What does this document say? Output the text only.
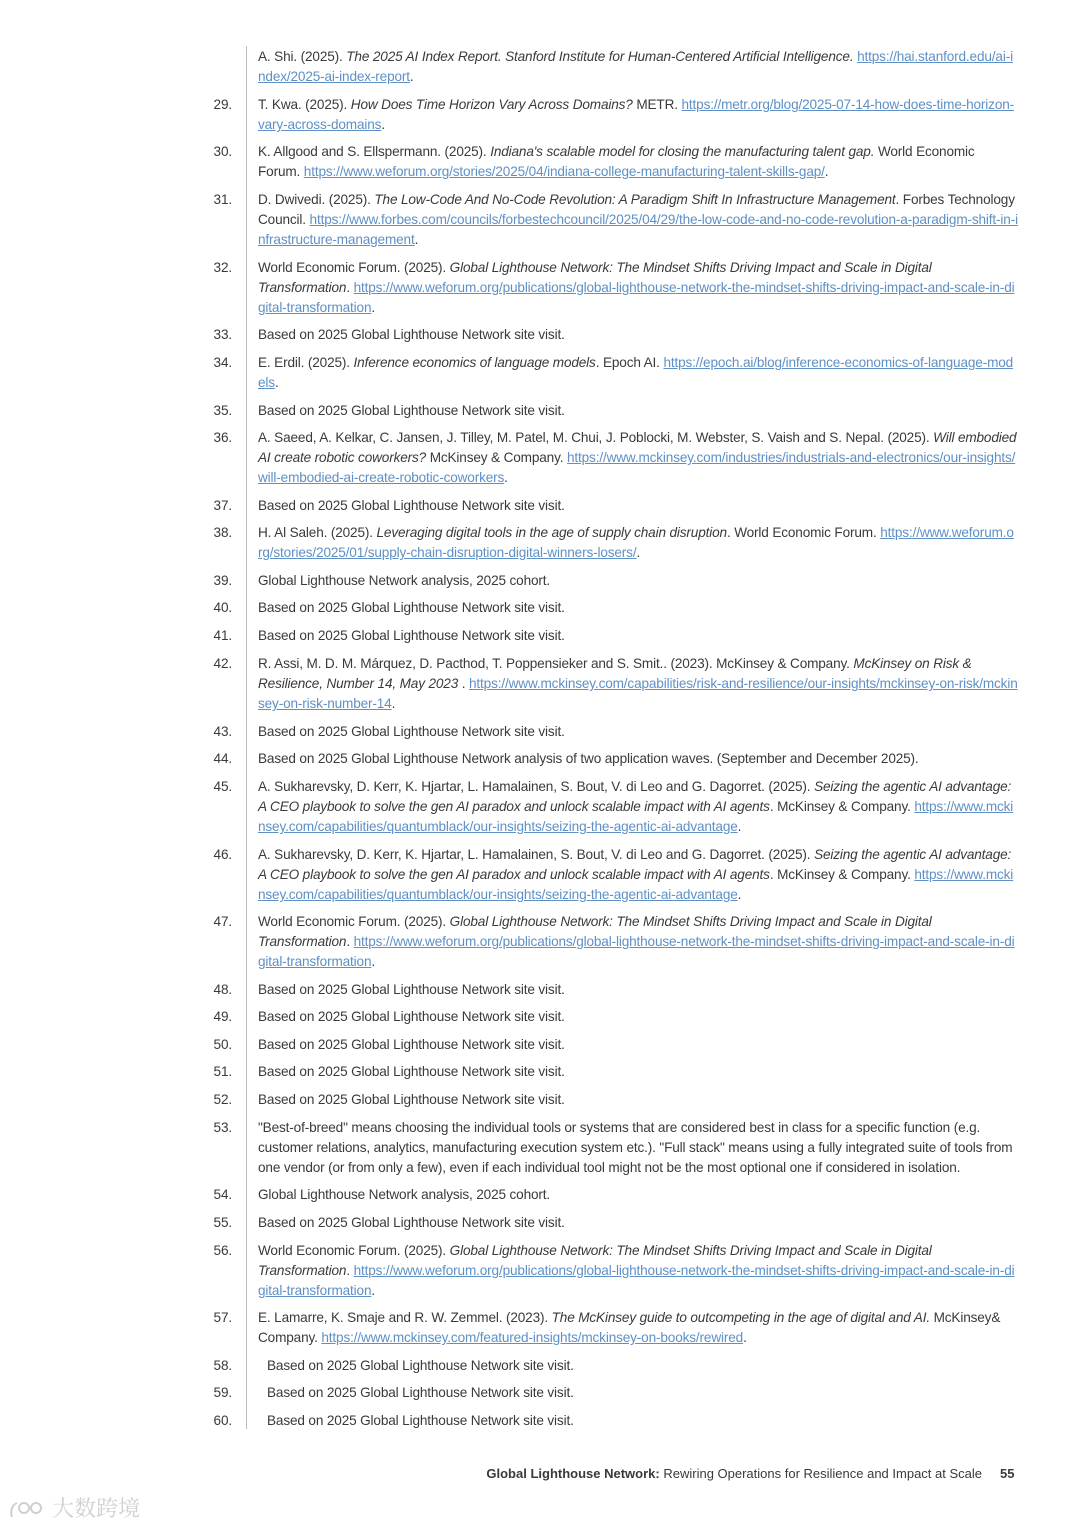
A. Shi. (2025). The 2025 AI Index Report. Stanford Institute for Human-Centered Artificial Intelligence. https://hai.stanford.edu/ai-index/2025-ai-index-report.
29. T. Kwa. (2025). How Does Time Horizon Vary Across Domains? METR. https://metr.org/blog/2025-07-14-how-does-time-horizon-vary-across-domains.
30. K. Allgood and S. Ellspermann. (2025). Indiana's scalable model for closing the manufacturing talent gap. World Economic Forum. https://www.weforum.org/stories/2025/04/indiana-college-manufacturing-talent-skills-gap/.
31. D. Dwivedi. (2025). The Low-Code And No-Code Revolution: A Paradigm Shift In Infrastructure Management. Forbes Technology Council. https://www.forbes.com/councils/forbestechcouncil/2025/04/29/the-low-code-and-no-code-revolution-a-paradigm-shift-in-infrastructure-management.
32. World Economic Forum. (2025). Global Lighthouse Network: The Mindset Shifts Driving Impact and Scale in Digital Transformation. https://www.weforum.org/publications/global-lighthouse-network-the-mindset-shifts-driving-impact-and-scale-in-digital-transformation.
33. Based on 2025 Global Lighthouse Network site visit.
34. E. Erdil. (2025). Inference economics of language models. Epoch AI. https://epoch.ai/blog/inference-economics-of-language-models.
35. Based on 2025 Global Lighthouse Network site visit.
36. A. Saeed, A. Kelkar, C. Jansen, J. Tilley, M. Patel, M. Chui, J. Poblocki, M. Webster, S. Vaish and S. Nepal. (2025). Will embodied AI create robotic coworkers? McKinsey & Company. https://www.mckinsey.com/industries/industrials-and-electronics/our-insights/will-embodied-ai-create-robotic-coworkers.
37. Based on 2025 Global Lighthouse Network site visit.
38. H. Al Saleh. (2025). Leveraging digital tools in the age of supply chain disruption. World Economic Forum. https://www.weforum.org/stories/2025/01/supply-chain-disruption-digital-winners-losers/.
39. Global Lighthouse Network analysis, 2025 cohort.
40. Based on 2025 Global Lighthouse Network site visit.
41. Based on 2025 Global Lighthouse Network site visit.
42. R. Assi, M. D. M. Márquez, D. Pacthod, T. Poppensieker and S. Smit.. (2023). McKinsey & Company. McKinsey on Risk & Resilience, Number 14, May 2023 . https://www.mckinsey.com/capabilities/risk-and-resilience/our-insights/mckinsey-on-risk/mckinsey-on-risk-number-14.
43. Based on 2025 Global Lighthouse Network site visit.
44. Based on 2025 Global Lighthouse Network analysis of two application waves. (September and December 2025).
45. A. Sukharevsky, D. Kerr, K. Hjartar, L. Hamalainen, S. Bout, V. di Leo and G. Dagorret. (2025). Seizing the agentic AI advantage: A CEO playbook to solve the gen AI paradox and unlock scalable impact with AI agents. McKinsey & Company. https://www.mckinsey.com/capabilities/quantumblack/our-insights/seizing-the-agentic-ai-advantage.
46. A. Sukharevsky, D. Kerr, K. Hjartar, L. Hamalainen, S. Bout, V. di Leo and G. Dagorret. (2025). Seizing the agentic AI advantage: A CEO playbook to solve the gen AI paradox and unlock scalable impact with AI agents. McKinsey & Company. https://www.mckinsey.com/capabilities/quantumblack/our-insights/seizing-the-agentic-ai-advantage.
47. World Economic Forum. (2025). Global Lighthouse Network: The Mindset Shifts Driving Impact and Scale in Digital Transformation. https://www.weforum.org/publications/global-lighthouse-network-the-mindset-shifts-driving-impact-and-scale-in-digital-transformation.
48. Based on 2025 Global Lighthouse Network site visit.
49. Based on 2025 Global Lighthouse Network site visit.
50. Based on 2025 Global Lighthouse Network site visit.
51. Based on 2025 Global Lighthouse Network site visit.
52. Based on 2025 Global Lighthouse Network site visit.
53. "Best-of-breed" means choosing the individual tools or systems that are considered best in class for a specific function (e.g. customer relations, analytics, manufacturing execution system etc.). "Full stack" means using a fully integrated suite of tools from one vendor (or from only a few), even if each individual tool might not be the most optional one if considered in isolation.
54. Global Lighthouse Network analysis, 2025 cohort.
55. Based on 2025 Global Lighthouse Network site visit.
56. World Economic Forum. (2025). Global Lighthouse Network: The Mindset Shifts Driving Impact and Scale in Digital Transformation. https://www.weforum.org/publications/global-lighthouse-network-the-mindset-shifts-driving-impact-and-scale-in-digital-transformation.
57. E. Lamarre, K. Smaje and R. W. Zemmel. (2023). The McKinsey guide to outcompeting in the age of digital and AI. McKinsey& Company. https://www.mckinsey.com/featured-insights/mckinsey-on-books/rewired.
58.	Based on 2025 Global Lighthouse Network site visit.
59.	Based on 2025 Global Lighthouse Network site visit.
60.	Based on 2025 Global Lighthouse Network site visit.
Global Lighthouse Network: Rewiring Operations for Resilience and Impact at Scale 55
大数跨境
